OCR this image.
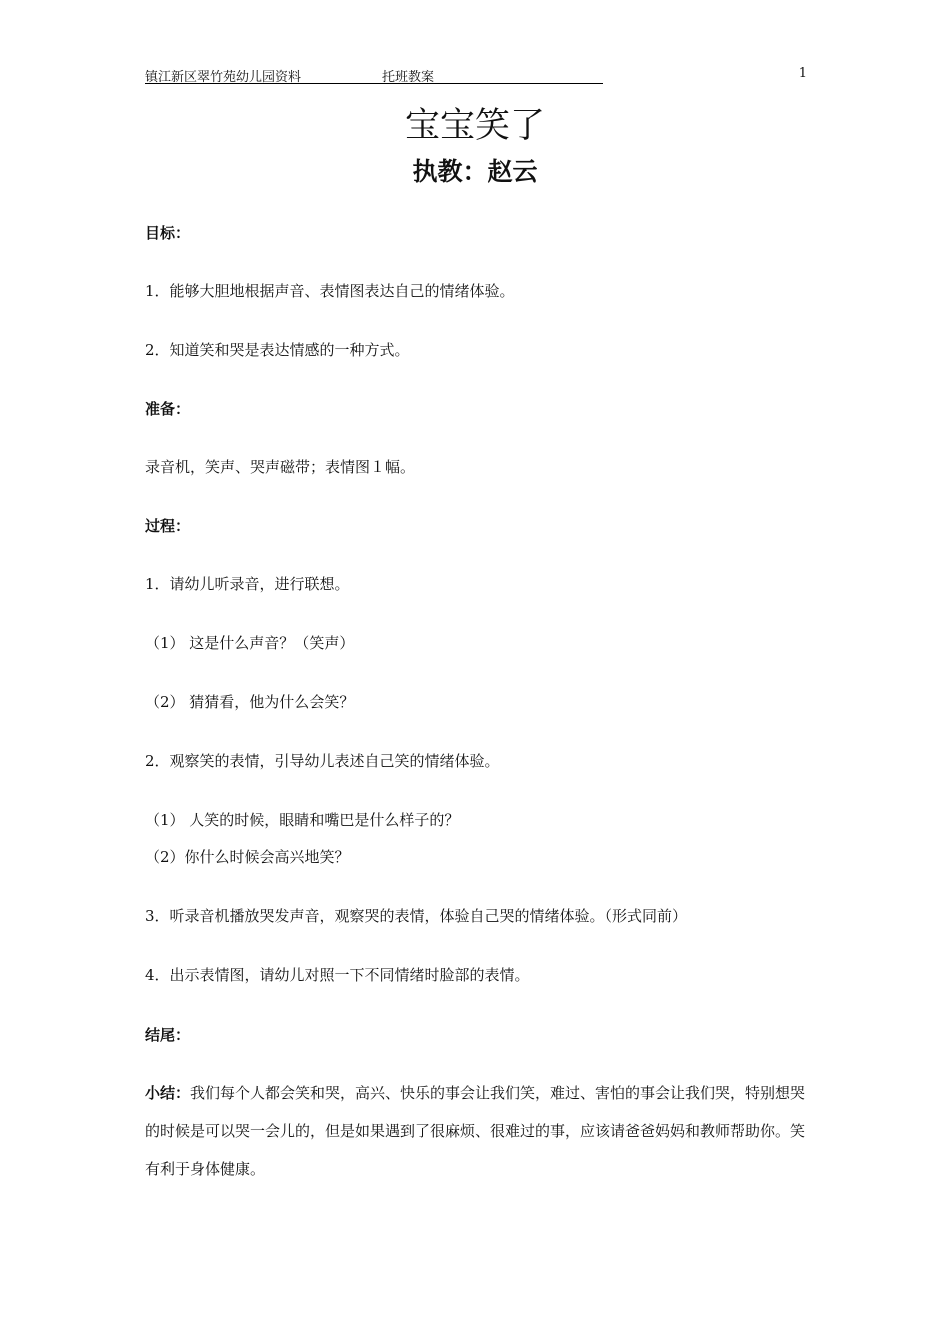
镇江新区翠竹苑幼儿园资料	托班教案	1
宝宝笑了
执教：赵云
目标：
1．能够大胆地根据声音、表情图表达自己的情绪体验。
2．知道笑和哭是表达情感的一种方式。
准备：
录音机，笑声、哭声磁带；表情图１幅。
过程：
1．请幼儿听录音，进行联想。
（1） 这是什么声音？（笑声）
（2） 猜猜看，他为什么会笑？
2．观察笑的表情，引导幼儿表述自己笑的情绪体验。
（1） 人笑的时候，眼睛和嘴巴是什么样子的？
（2）你什么时候会高兴地笑？
3．听录音机播放哭发声音，观察哭的表情，体验自己哭的情绪体验。（形式同前）
4．出示表情图，请幼儿对照一下不同情绪时脸部的表情。
结尾：
小结：我们每个人都会笑和哭，高兴、快乐的事会让我们笑，难过、害怕的事会让我们哭，特别想哭的时候是可以哭一会儿的，但是如果遇到了很麻烦、很难过的事，应该请爸爸妈妈和教师帮助你。笑有利于身体健康。
